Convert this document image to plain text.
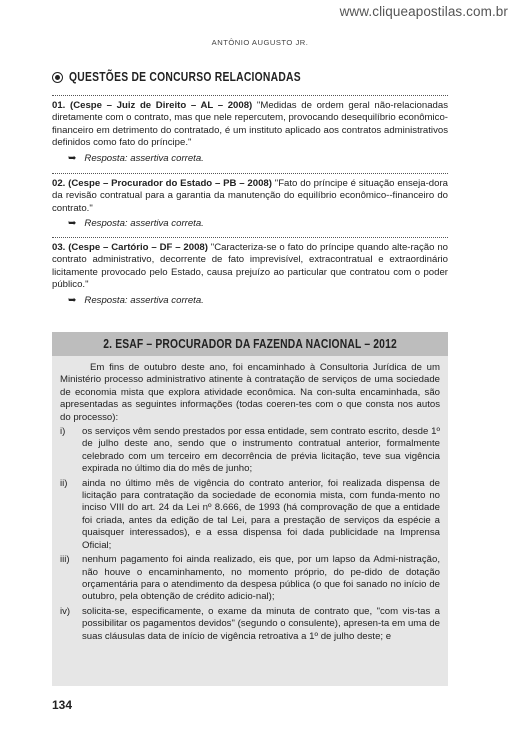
www.cliqueapostilas.com.br
ANTÔNIO AUGUSTO JR.
QUESTÕES DE CONCURSO RELACIONADAS
01. (Cespe – Juiz de Direito – AL – 2008) "Medidas de ordem geral não-relacionadas diretamente com o contrato, mas que nele repercutem, provocando desequilíbrio econômico-financeiro em detrimento do contratado, é um instituto aplicado aos contratos administrativos definidos como fato do príncipe."
➥ Resposta: assertiva correta.
02. (Cespe – Procurador do Estado – PB – 2008) "Fato do príncipe é situação enseja-dora da revisão contratual para a garantia da manutenção do equilíbrio econômico--financeiro do contrato."
➥ Resposta: assertiva correta.
03. (Cespe – Cartório – DF – 2008) "Caracteriza-se o fato do príncipe quando alte-ração no contrato administrativo, decorrente de fato imprevisível, extracontratual e extraordinário licitamente provocado pelo Estado, causa prejuízo ao particular que contratou com o poder público."
➥ Resposta: assertiva correta.
2. ESAF – PROCURADOR DA FAZENDA NACIONAL – 2012

Em fins de outubro deste ano, foi encaminhado à Consultoria Jurídica de um Ministério processo administrativo atinente à contratação de serviços de uma sociedade de economia mista que explora atividade econômica. Na con-sulta encaminhada, são apresentadas as seguintes informações (todas coeren-tes com o que consta nos autos do processo):

i)	os serviços vêm sendo prestados por essa entidade, sem contrato escrito, desde 1º de julho deste ano, sendo que o instrumento contratual anterior, formalmente celebrado com um terceiro em decorrência de prévia licitação, teve sua vigência expirada no último dia do mês de junho;
ii)	ainda no último mês de vigência do contrato anterior, foi realizada dispensa de licitação para contratação da sociedade de economia mista, com funda-mento no inciso VIII do art. 24 da Lei nº 8.666, de 1993 (há comprovação de que a entidade foi criada, antes da edição de tal Lei, para a prestação de serviços da espécie a quaisquer interessados), e a essa dispensa foi dada publicidade na Imprensa Oficial;
iii)	nenhum pagamento foi ainda realizado, eis que, por um lapso da Admi-nistração, não houve o encaminhamento, no momento próprio, do pe-dido de dotação orçamentária para o atendimento da despesa pública (o que foi sanado no início de outubro, pela obtenção de crédito adicio-nal);
iv)	solicita-se, especificamente, o exame da minuta de contrato que, "com vis-tas a possibilitar os pagamentos devidos" (segundo o consulente), apresen-ta em uma de suas cláusulas data de início de vigência retroativa a 1º de julho deste; e
134
